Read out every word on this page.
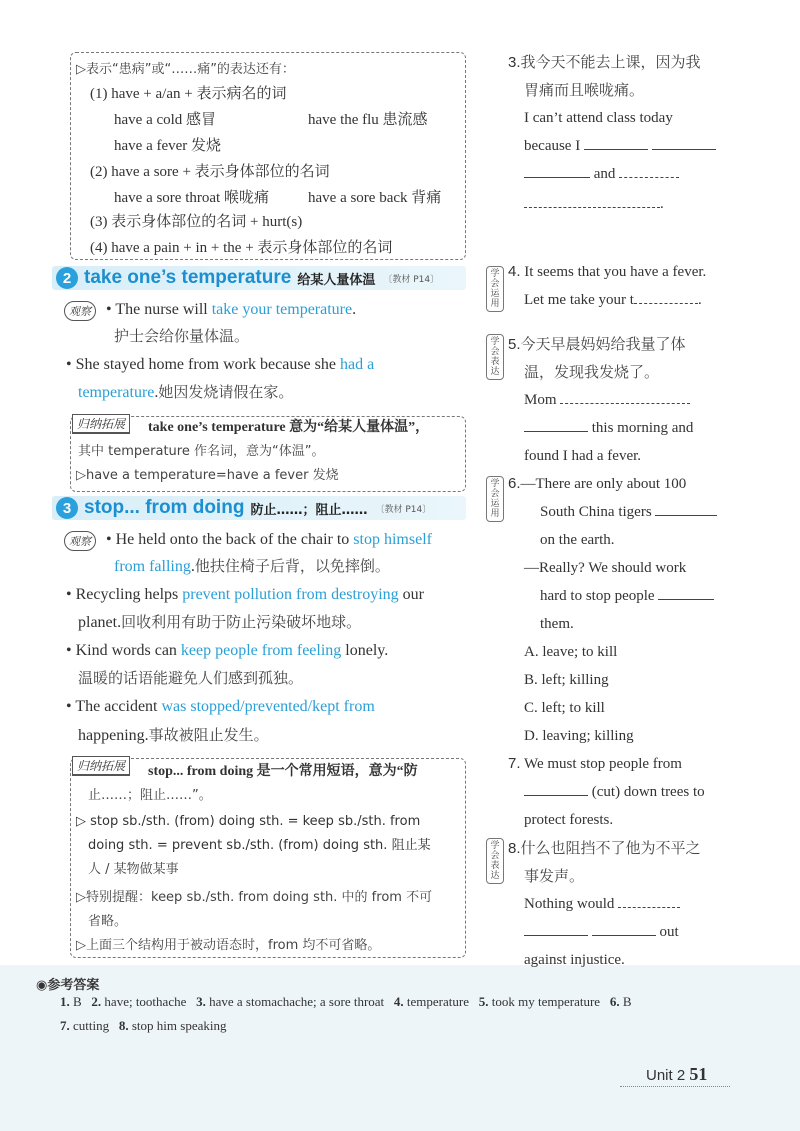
▷表示“患病”或“……痛”的表达还有：
(1) have + a/an + 表示病名的词
have a cold 感冒	have the flu 患流感
have a fever 发烧
(2) have a sore + 表示身体部位的名词
have a sore throat 喉咙痛	have a sore back 背痛
(3) 表示身体部位的名词 + hurt(s)
(4) have a pain + in + the + 表示身体部位的名词
2 take one’s temperature 给某人量体温 〔教材 P14〕
观察 • The nurse will take your temperature.
护士会给你量体温。
• She stayed home from work because she had a
temperature.她因发烧请假在家。
归纳拓展	take one’s temperature 意为“给某人量体温”，
其中 temperature 作名词，意为“体温”。
▷have a temperature=have a fever 发烧
3 stop... from doing 防止……；阻止…… 〔教材 P14〕
观察 • He held onto the back of the chair to stop himself
from falling.他扶住椅子后背，以免摔倒。
• Recycling helps prevent pollution from destroying our
planet.回收利用有助于防止污染破坏地球。
• Kind words can keep people from feeling lonely.
温暖的话语能避免人们感到孤独。
• The accident was stopped/prevented/kept from
happening.事故被阻止发生。
归纳拓展	stop... from doing 是一个常用短语，意为“防
止……；阻止……”。
▷ stop sb./sth. (from) doing sth. = keep sb./sth. from
doing sth. = prevent sb./sth. (from) doing sth. 阻止某
人 / 某物做某事
▷特别提醒：keep sb./sth. from doing sth. 中的 from 不可
省略。
▷上面三个结构用于被动语态时，from 均不可省略。
3.我今天不能去上课，因为我
胃痛而且喉咙痛。
I can’t attend class today
because I
and
.
学会运用
4. It seems that you have a fever.
Let me take your t	.
学会表达
5.今天早晨妈妈给我量了体
温，发现我发烧了。
Mom
this morning and
found I had a fever.
学会运用
6.—There are only about 100
South China tigers
on the earth.
—Really? We should work
hard to stop people
them.
A. leave; to kill
B. left; killing
C. left; to kill
D. leaving; killing
7. We must stop people from
(cut) down trees to
protect forests.
学会表达
8.什么也阻挡不了他为不平之
事发声。
Nothing would
out
against injustice.
◉参考答案
1. B 2. have; toothache 3. have a stomachache; a sore throat 4. temperature 5. took my temperature 6. B
7. cutting 8. stop him speaking
Unit 2 51
